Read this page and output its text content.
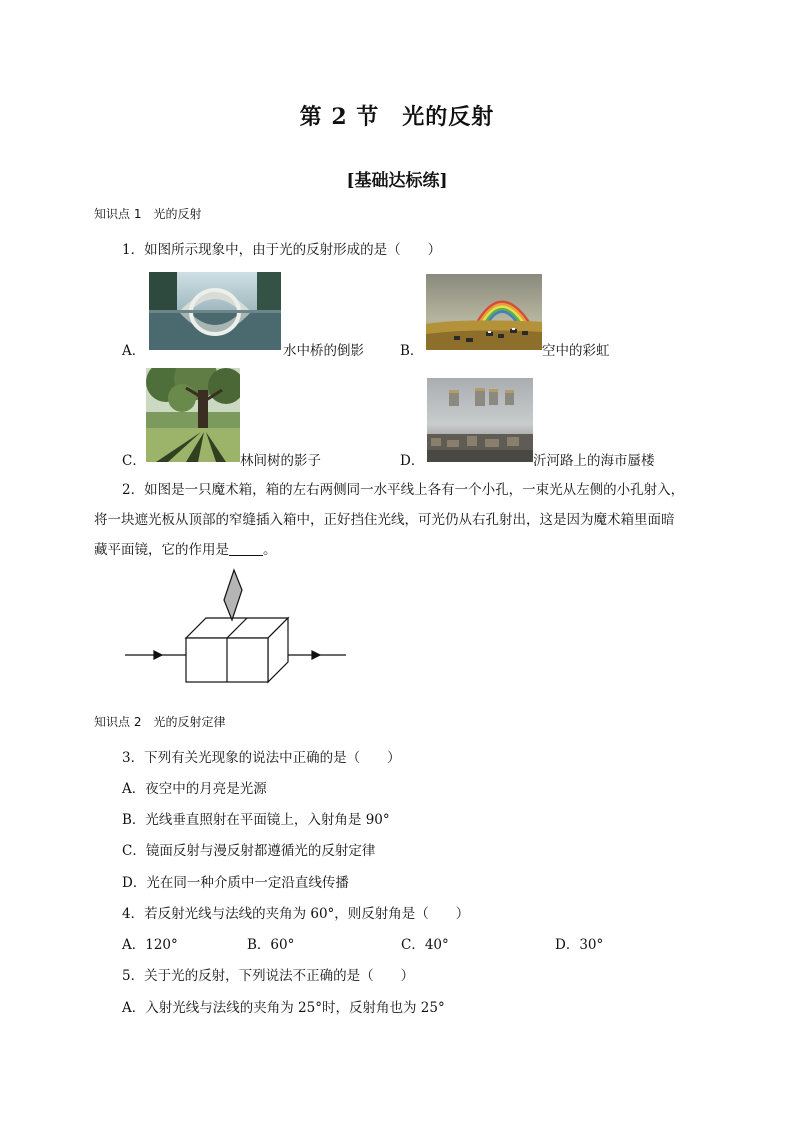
第 2 节　光的反射
[基础达标练]
知识点 1　光的反射
1．如图所示现象中，由于光的反射形成的是（　　）
A．	水中桥的倒影	B．	空中的彩虹
C．	林间树的影子	D．	沂河路上的海市蜃楼
2．如图是一只魔术箱，箱的左右两侧同一水平线上各有一个小孔，一束光从左侧的小孔射入，
将一块遮光板从顶部的窄缝插入箱中，正好挡住光线，可光仍从右孔射出，这是因为魔术箱里面暗
藏平面镜，它的作用是	。
知识点 2　光的反射定律
3．下列有关光现象的说法中正确的是（　　）
A．夜空中的月亮是光源
B．光线垂直照射在平面镜上，入射角是 90°
C．镜面反射与漫反射都遵循光的反射定律
D．光在同一种介质中一定沿直线传播
4．若反射光线与法线的夹角为 60°，则反射角是（　　）
A．120°	B．60°	C．40°	D．30°
5．关于光的反射，下列说法不正确的是（　　）
A．入射光线与法线的夹角为 25°时，反射角也为 25°
